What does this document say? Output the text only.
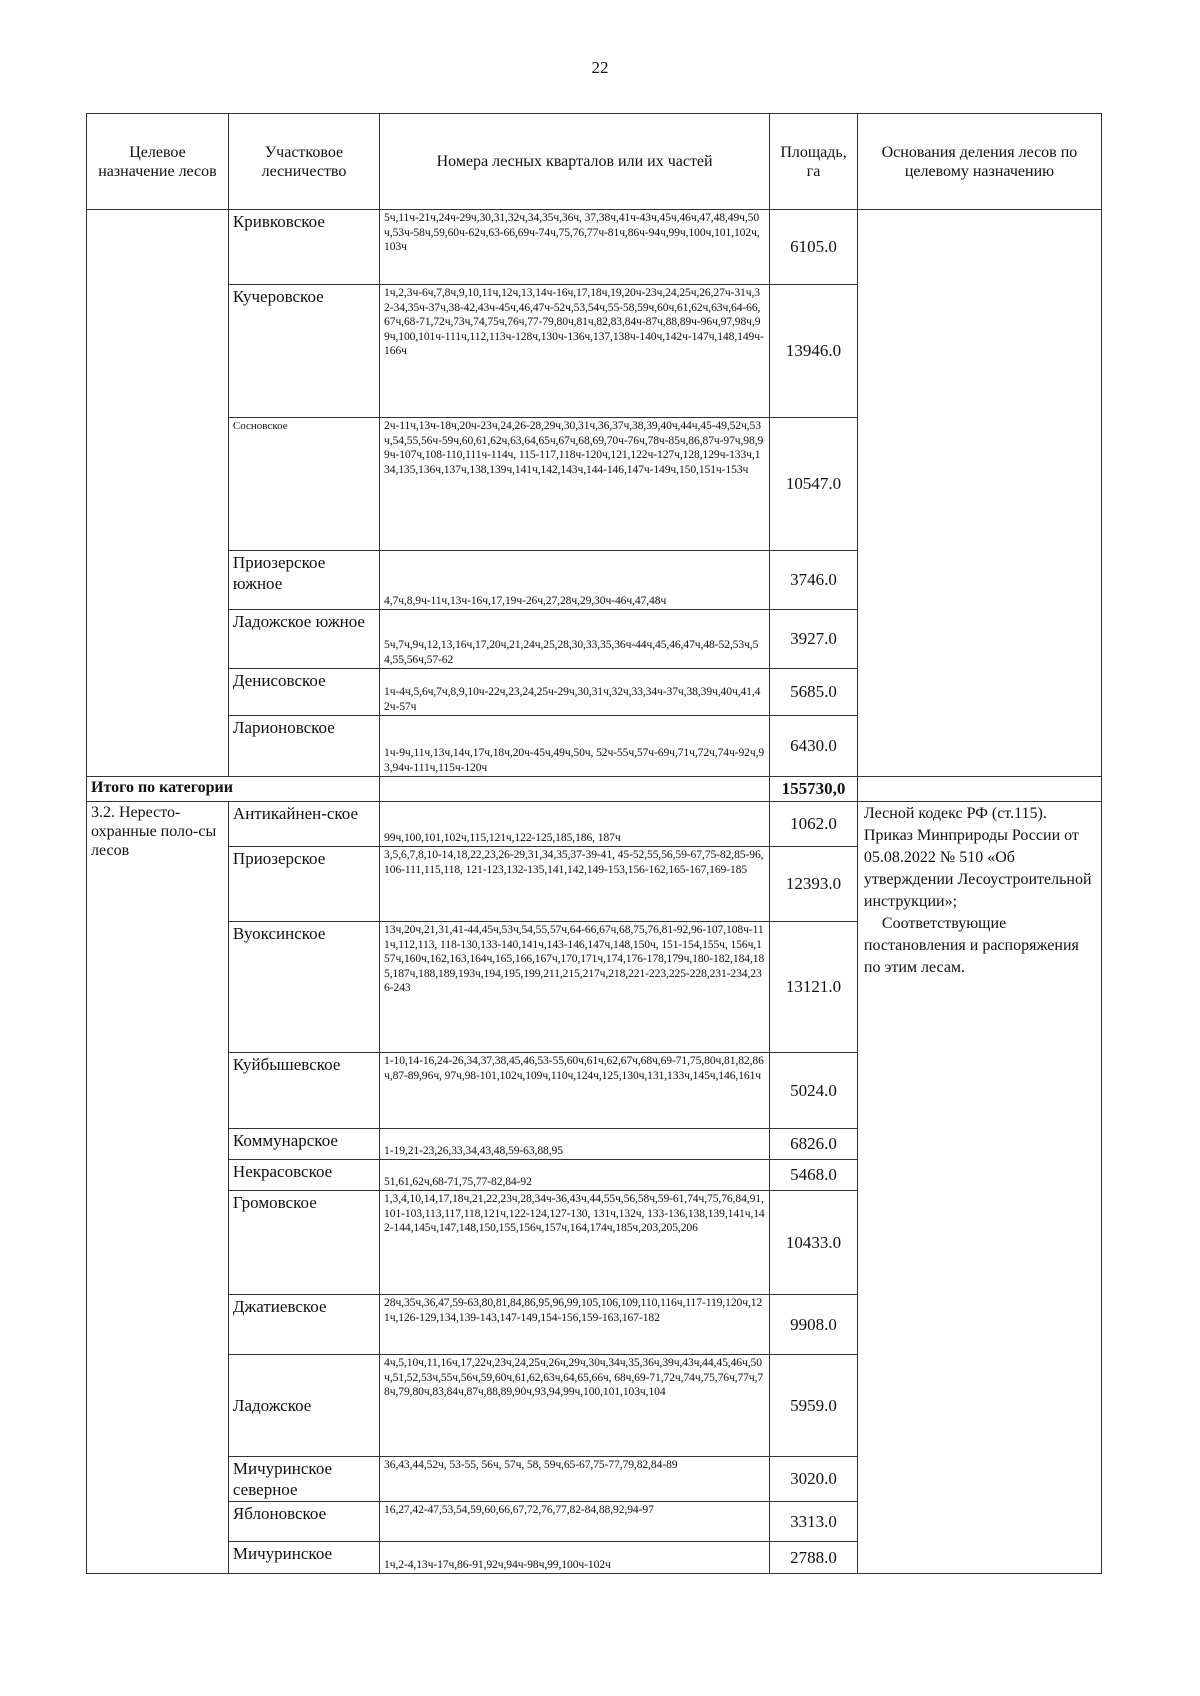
22
Целевое назначение лесов	Участковое лесничество	Номера лесных кварталов или их частей	Площадь, га	Основания деления лесов по целевому назначению
	Кривковское	5ч,11ч-21ч,24ч-29ч,30,31,32ч,34,35ч,36ч, 37,38ч,41ч-43ч,45ч,46ч,47,48,49ч,50ч,53ч-58ч,59,60ч-62ч,63-66,69ч-74ч,75,76,77ч-81ч,86ч-94ч,99ч,100ч,101,102ч,103ч	6105.0	
	Кучеровское	1ч,2,3ч-6ч,7,8ч,9,10,11ч,12ч,13,14ч-16ч,17,18ч,19,20ч-23ч,24,25ч,26,27ч-31ч,32-34,35ч-37ч,38-42,43ч-45ч,46,47ч-52ч,53,54ч,55-58,59ч,60ч,61,62ч,63ч,64-66,67ч,68-71,72ч,73ч,74,75ч,76ч,77-79,80ч,81ч,82,83,84ч-87ч,88,89ч-96ч,97,98ч,99ч,100,101ч-111ч,112,113ч-128ч,130ч-136ч,137,138ч-140ч,142ч-147ч,148,149ч-166ч	13946.0	
	Сосновское	2ч-11ч,13ч-18ч,20ч-23ч,24,26-28,29ч,30,31ч,36,37ч,38,39,40ч,44ч,45-49,52ч,53ч,54,55,56ч-59ч,60,61,62ч,63,64,65ч,67ч,68,69,70ч-76ч,78ч-85ч,86,87ч-97ч,98,99ч-107ч,108-110,111ч-114ч, 115-117,118ч-120ч,121,122ч-127ч,128,129ч-133ч,134,135,136ч,137ч,138,139ч,141ч,142,143ч,144-146,147ч-149ч,150,151ч-153ч	10547.0	
	Приозерское южное	4,7ч,8,9ч-11ч,13ч-16ч,17,19ч-26ч,27,28ч,29,30ч-46ч,47,48ч	3746.0	
	Ладожское южное	5ч,7ч,9ч,12,13,16ч,17,20ч,21,24ч,25,28,30,33,35,36ч-44ч,45,46,47ч,48-52,53ч,54,55,56ч,57-62	3927.0	
	Денисовское	1ч-4ч,5,6ч,7ч,8,9,10ч-22ч,23,24,25ч-29ч,30,31ч,32ч,33,34ч-37ч,38,39ч,40ч,41,42ч-57ч	5685.0	
	Ларионовское	1ч-9ч,11ч,13ч,14ч,17ч,18ч,20ч-45ч,49ч,50ч, 52ч-55ч,57ч-69ч,71ч,72ч,74ч-92ч,93,94ч-111ч,115ч-120ч	6430.0	
Итого по категории			155730,0	
3.2. Нересто-охранные поло-сы лесов	Антикайнен-ское	99ч,100,101,102ч,115,121ч,122-125,185,186, 187ч	1062.0	Лесной кодекс РФ (ст.115).
Приказ Минприроды России от 05.08.2022 № 510 «Об утверждении Лесоустроительной инструкции»;
Соответствующие постановления и распоряжения по этим лесам.

	Приозерское	3,5,6,7,8,10-14,18,22,23,26-29,31,34,35,37-39-41, 45-52,55,56,59-67,75-82,85-96,106-111,115,118, 121-123,132-135,141,142,149-153,156-162,165-167,169-185	12393.0	
	Вуоксинское	13ч,20ч,21,31,41-44,45ч,53ч,54,55,57ч,64-66,67ч,68,75,76,81-92,96-107,108ч-111ч,112,113, 118-130,133-140,141ч,143-146,147ч,148,150ч, 151-154,155ч, 156ч,157ч,160ч,162,163,164ч,165,166,167ч,170,171ч,174,176-178,179ч,180-182,184,185,187ч,188,189,193ч,194,195,199,211,215,217ч,218,221-223,225-228,231-234,236-243	13121.0	
	Куйбышевское	1-10,14-16,24-26,34,37,38,45,46,53-55,60ч,61ч,62,67ч,68ч,69-71,75,80ч,81,82,86ч,87-89,96ч, 97ч,98-101,102ч,109ч,110ч,124ч,125,130ч,131,133ч,145ч,146,161ч	5024.0	
	Коммунарское	1-19,21-23,26,33,34,43,48,59-63,88,95	6826.0	
	Некрасовское	51,61,62ч,68-71,75,77-82,84-92	5468.0	
	Громовское	1,3,4,10,14,17,18ч,21,22,23ч,28,34ч-36,43ч,44,55ч,56,58ч,59-61,74ч,75,76,84,91,101-103,113,117,118,121ч,122-124,127-130, 131ч,132ч, 133-136,138,139,141ч,142-144,145ч,147,148,150,155,156ч,157ч,164,174ч,185ч,203,205,206	10433.0	
	Джатиевское	28ч,35ч,36,47,59-63,80,81,84,86,95,96,99,105,106,109,110,116ч,117-119,120ч,121ч,126-129,134,139-143,147-149,154-156,159-163,167-182	9908.0	
	Ладожское	4ч,5,10ч,11,16ч,17,22ч,23ч,24,25ч,26ч,29ч,30ч,34ч,35,36ч,39ч,43ч,44,45,46ч,50ч,51,52,53ч,55ч,56ч,59,60ч,61,62,63ч,64,65,66ч, 68ч,69-71,72ч,74ч,75,76ч,77ч,78ч,79,80ч,83,84ч,87ч,88,89,90ч,93,94,99ч,100,101,103ч,104	5959.0	
	Мичуринское северное	36,43,44,52ч, 53-55, 56ч, 57ч, 58, 59ч,65-67,75-77,79,82,84-89	3020.0	
	Яблоновское	16,27,42-47,53,54,59,60,66,67,72,76,77,82-84,88,92,94-97	3313.0	
	Мичуринское	1ч,2-4,13ч-17ч,86-91,92ч,94ч-98ч,99,100ч-102ч	2788.0	
